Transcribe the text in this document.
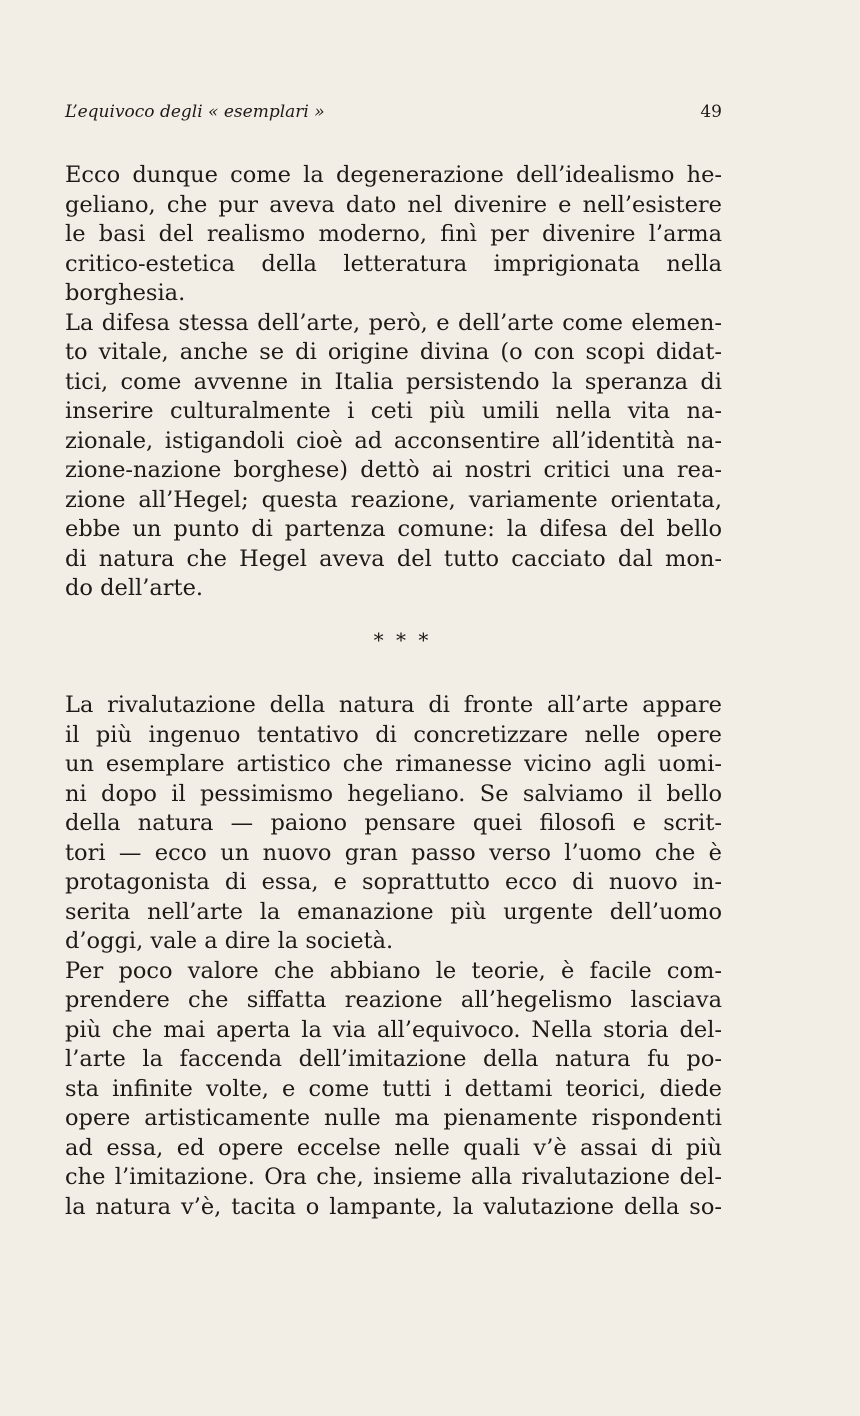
L’equivoco degli « esemplari »	49
Ecco dunque come la degenerazione dell’idealismo he-
geliano, che pur aveva dato nel divenire e nell’esistere
le basi del realismo moderno, finì per divenire l’arma
critico-estetica della letteratura imprigionata nella
borghesia.
La difesa stessa dell’arte, però, e dell’arte come elemen-
to vitale, anche se di origine divina (o con scopi didat-
tici, come avvenne in Italia persistendo la speranza di
inserire culturalmente i ceti più umili nella vita na-
zionale, istigandoli cioè ad acconsentire all’identità na-
zione-nazione borghese) dettò ai nostri critici una rea-
zione all’Hegel; questa reazione, variamente orientata,
ebbe un punto di partenza comune: la difesa del bello
di natura che Hegel aveva del tutto cacciato dal mon-
do dell’arte.
* * *
La rivalutazione della natura di fronte all’arte appare
il più ingenuo tentativo di concretizzare nelle opere
un esemplare artistico che rimanesse vicino agli uomi-
ni dopo il pessimismo hegeliano. Se salviamo il bello
della natura — paiono pensare quei filosofi e scrit-
tori — ecco un nuovo gran passo verso l’uomo che è
protagonista di essa, e soprattutto ecco di nuovo in-
serita nell’arte la emanazione più urgente dell’uomo
d’oggi, vale a dire la società.
Per poco valore che abbiano le teorie, è facile com-
prendere che siffatta reazione all’hegelismo lasciava
più che mai aperta la via all’equivoco. Nella storia del-
l’arte la faccenda dell’imitazione della natura fu po-
sta infinite volte, e come tutti i dettami teorici, diede
opere artisticamente nulle ma pienamente rispondenti
ad essa, ed opere eccelse nelle quali v’è assai di più
che l’imitazione. Ora che, insieme alla rivalutazione del-
la natura v’è, tacita o lampante, la valutazione della so-
